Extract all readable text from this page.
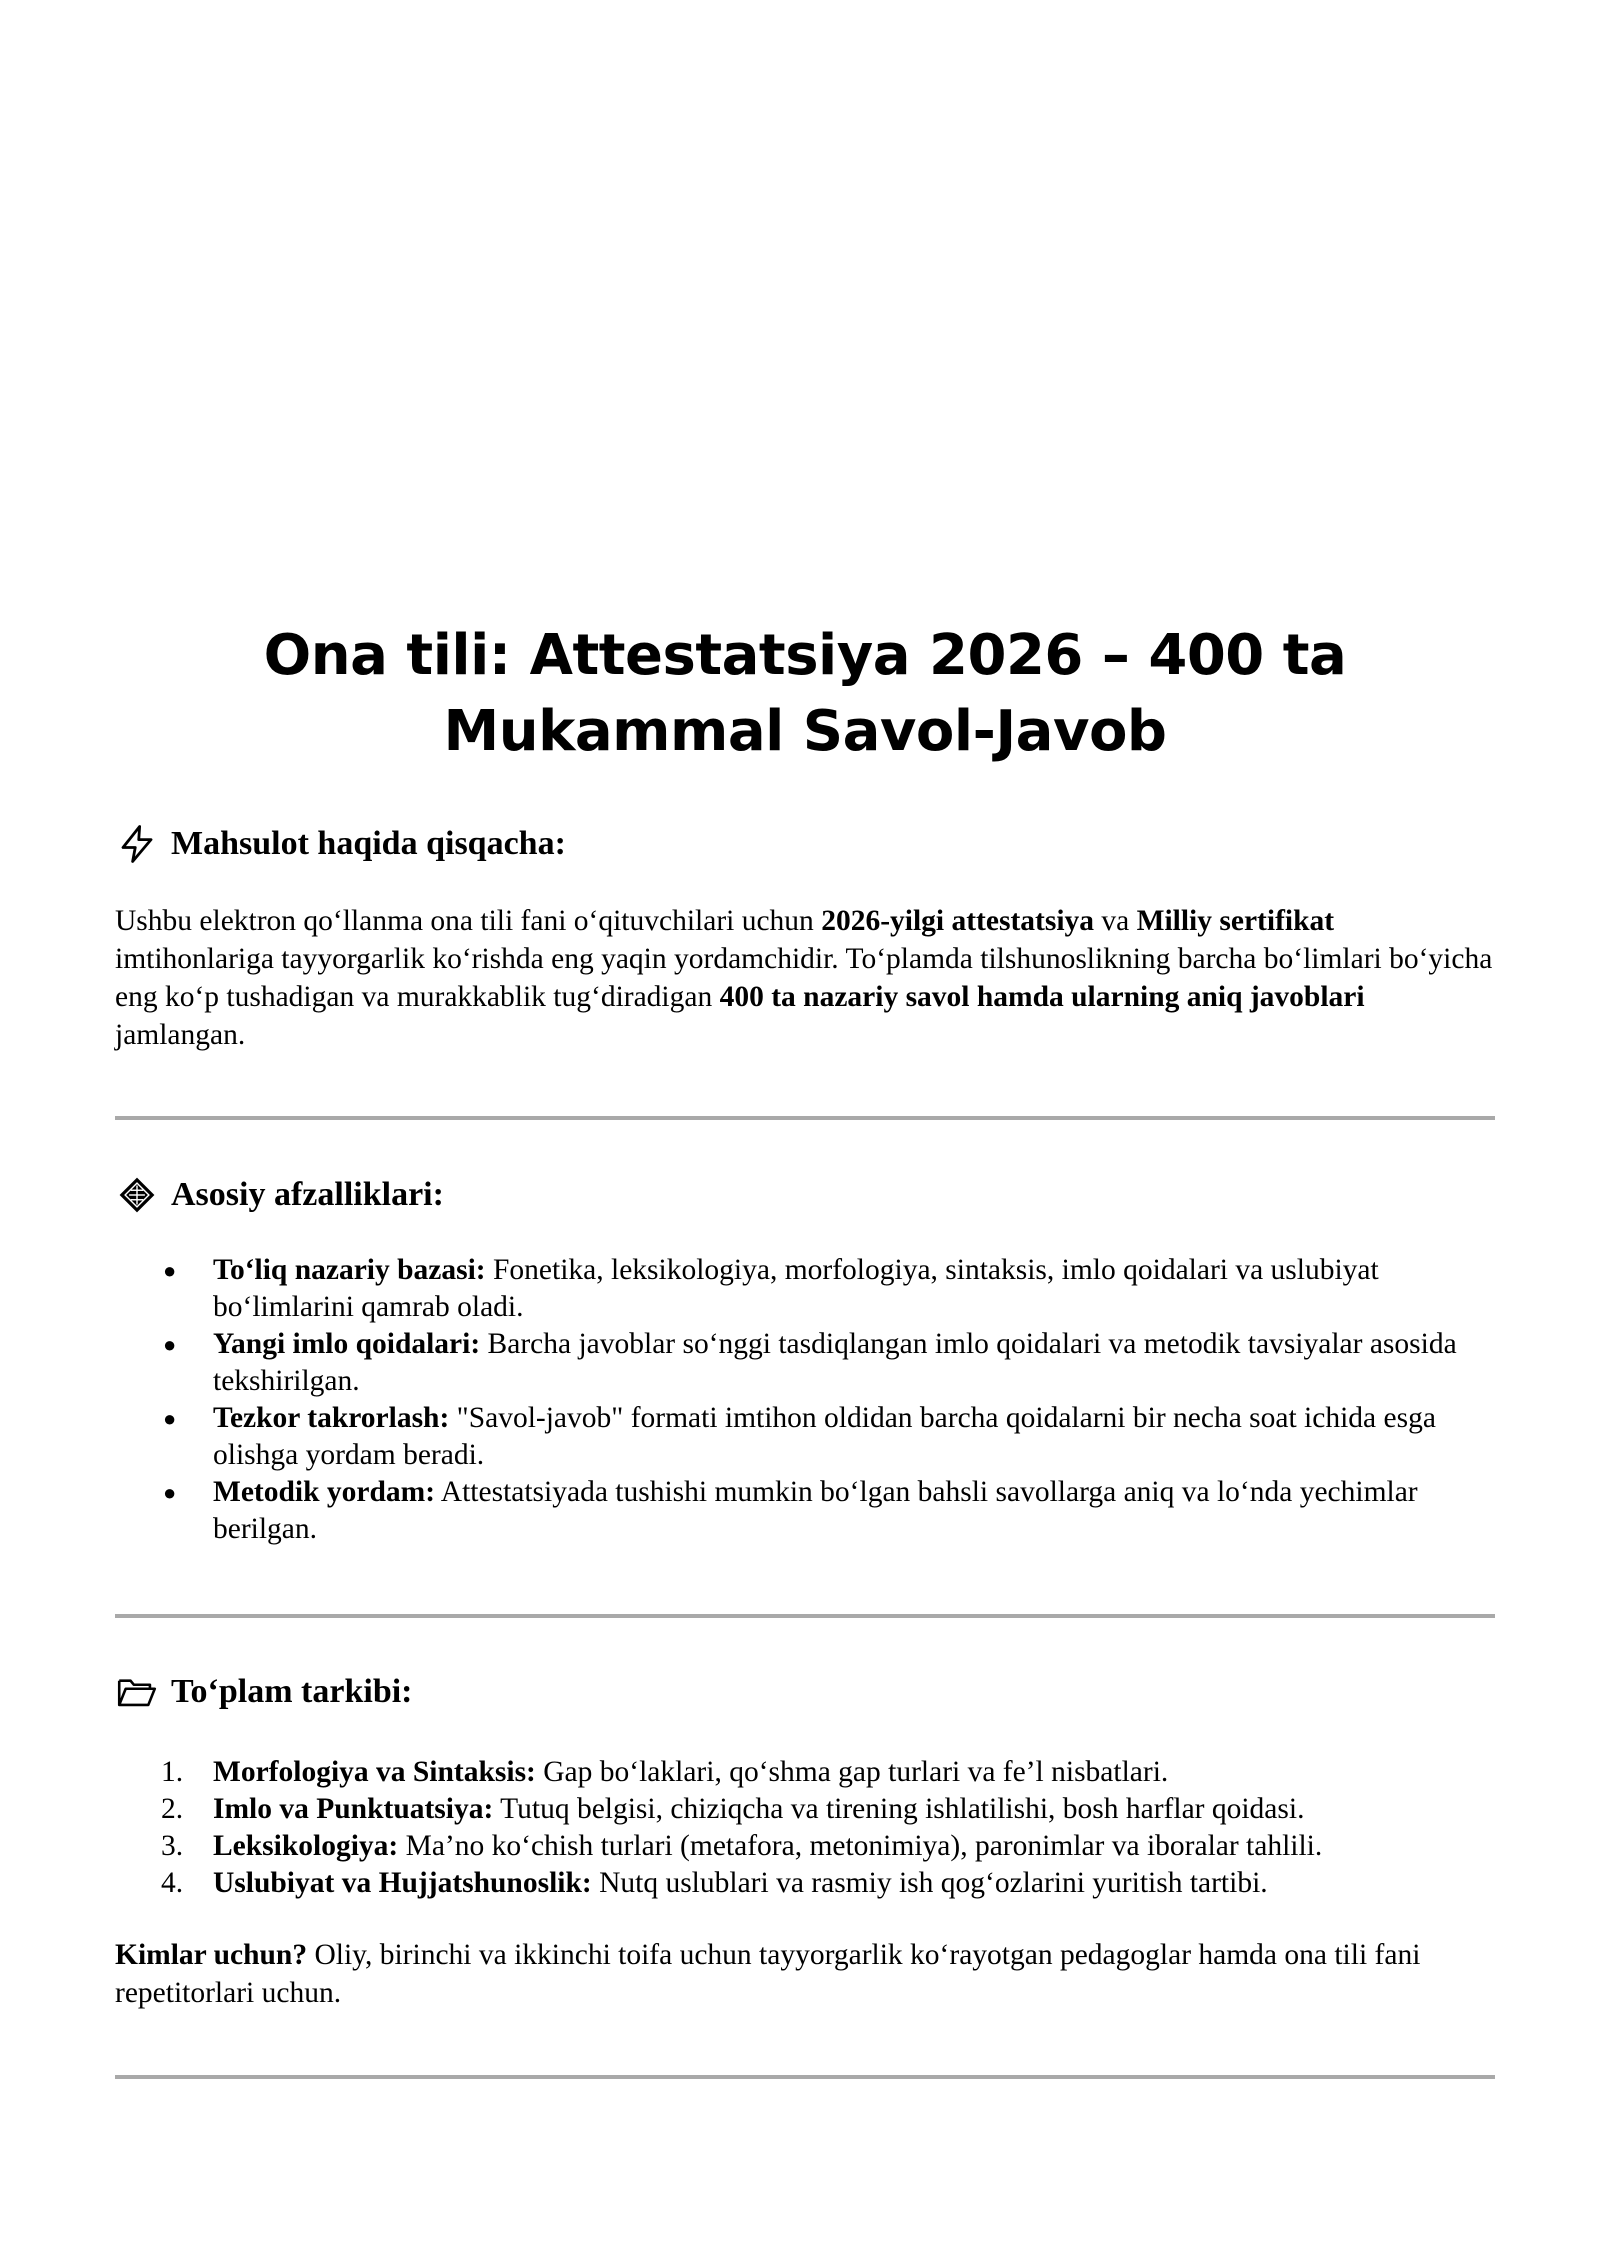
Ona tili: Attestatsiya 2026 – 400 ta Mukammal Savol-Javob
Mahsulot haqida qisqacha:

Ushbu elektron qo‘llanma ona tili fani o‘qituvchilari uchun 2026-yilgi attestatsiya va Milliy sertifikat imtihonlariga tayyorgarlik ko‘rishda eng yaqin yordamchidir. To‘plamda tilshunoslikning barcha bo‘limlari bo‘yicha eng ko‘p tushadigan va murakkablik tug‘diradigan 400 ta nazariy savol hamda ularning aniq javoblari jamlangan.

Asosiy afzalliklari:
● To‘liq nazariy bazasi: Fonetika, leksikologiya, morfologiya, sintaksis, imlo qoidalari va uslubiyat bo‘limlarini qamrab oladi.
● Yangi imlo qoidalari: Barcha javoblar so‘nggi tasdiqlangan imlo qoidalari va metodik tavsiyalar asosida tekshirilgan.
● Tezkor takrorlash: "Savol-javob" formati imtihon oldidan barcha qoidalarni bir necha soat ichida esga olishga yordam beradi.
● Metodik yordam: Attestatsiyada tushishi mumkin bo‘lgan bahsli savollarga aniq va lo‘nda yechimlar berilgan.
To‘plam tarkibi:
1. Morfologiya va Sintaksis: Gap bo‘laklari, qo‘shma gap turlari va fe’l nisbatlari.
2. Imlo va Punktuatsiya: Tutuq belgisi, chiziqcha va tirening ishlatilishi, bosh harflar qoidasi.
3. Leksikologiya: Ma’no ko‘chish turlari (metafora, metonimiya), paronimlar va iboralar tahlili.
4. Uslubiyat va Hujjatshunoslik: Nutq uslublari va rasmiy ish qog‘ozlarini yuritish tartibi.

Kimlar uchun? Oliy, birinchi va ikkinchi toifa uchun tayyorgarlik ko‘rayotgan pedagoglar hamda ona tili fani repetitorlari uchun.
